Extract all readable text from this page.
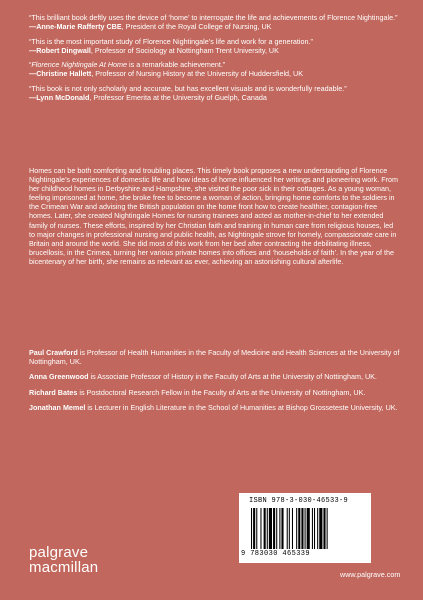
“This brilliant book deftly uses the device of ‘home’ to interrogate the life and achievements of Florence Nightingale.”
—Anne-Marie Rafferty CBE, President of the Royal College of Nursing, UK
“This is the most important study of Florence Nightingale’s life and work for a generation.”
—Robert Dingwall, Professor of Sociology at Nottingham Trent University, UK
“Florence Nightingale At Home is a remarkable achievement.”
—Christine Hallett, Professor of Nursing History at the University of Huddersfield, UK
“This book is not only scholarly and accurate, but has excellent visuals and is wonderfully readable.”
—Lynn McDonald, Professor Emerita at the University of Guelph, Canada
Homes can be both comforting and troubling places. This timely book proposes a new understanding of Florence Nightingale’s experiences of domestic life and how ideas of home influenced her writings and pioneering work. From her childhood homes in Derbyshire and Hampshire, she visited the poor sick in their cottages. As a young woman, feeling imprisoned at home, she broke free to become a woman of action, bringing home comforts to the soldiers in the Crimean War and advising the British population on the home front how to create healthier, contagion-free homes. Later, she created Nightingale Homes for nursing trainees and acted as mother-in-chief to her extended family of nurses. These efforts, inspired by her Christian faith and training in human care from religious houses, led to major changes in professional nursing and public health, as Nightingale strove for homely, compassionate care in Britain and around the world. She did most of this work from her bed after contracting the debilitating illness, brucellosis, in the Crimea, turning her various private homes into offices and ‘households of faith’. In the year of the bicentenary of her birth, she remains as relevant as ever, achieving an astonishing cultural afterlife.
Paul Crawford is Professor of Health Humanities in the Faculty of Medicine and Health Sciences at the University of Nottingham, UK.
Anna Greenwood is Associate Professor of History in the Faculty of Arts at the University of Nottingham, UK.
Richard Bates is Postdoctoral Research Fellow in the Faculty of Arts at the University of Nottingham, UK.
Jonathan Memel is Lecturer in English Literature in the School of Humanities at Bishop Grosseteste University, UK.
ISBN 978-3-030-46533-9
9 783030 465339
palgrave
macmillan	www.palgrave.com
